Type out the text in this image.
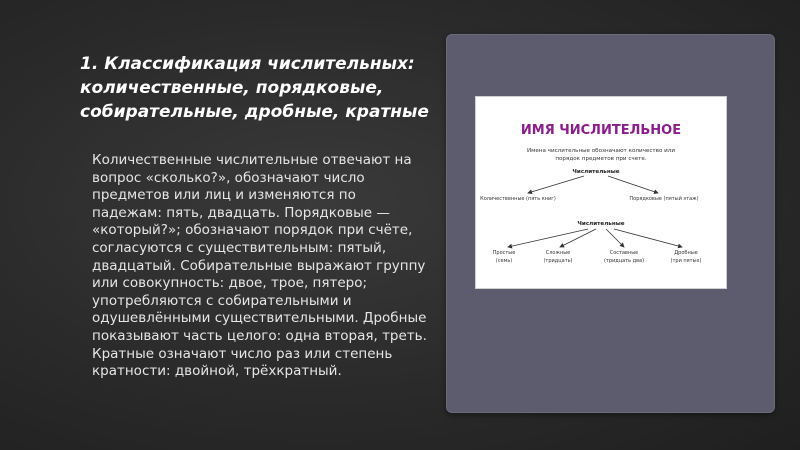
1. Классификация числительных: количественные, порядковые, собирательные, дробные, кратные

Количественные числительные отвечают на вопрос «сколько?», обозначают число предметов или лиц и изменяются по падежам: пять, двадцать. Порядковые — «который?»; обозначают порядок при счёте, согласуются с существительным: пятый, двадцатый. Собирательные выражают группу или совокупность: двое, трое, пятеро; употребляются с собирательными и одушевлёнными существительными. Дробные показывают часть целого: одна вторая, треть. Кратные означают число раз или степень кратности: двойной, трёхкратный.

ИМЯ ЧИСЛИТЕЛЬНОЕ
Имена числительные обозначают количество или
порядок предметов при счете.
Числительные
Количественные (пять книг)	Порядковые (пятый этаж)
Числительные
Простые
(семь)
Сложные
(тридцать)
Составные
(тридцать два)
Дробные
(три пятых)
